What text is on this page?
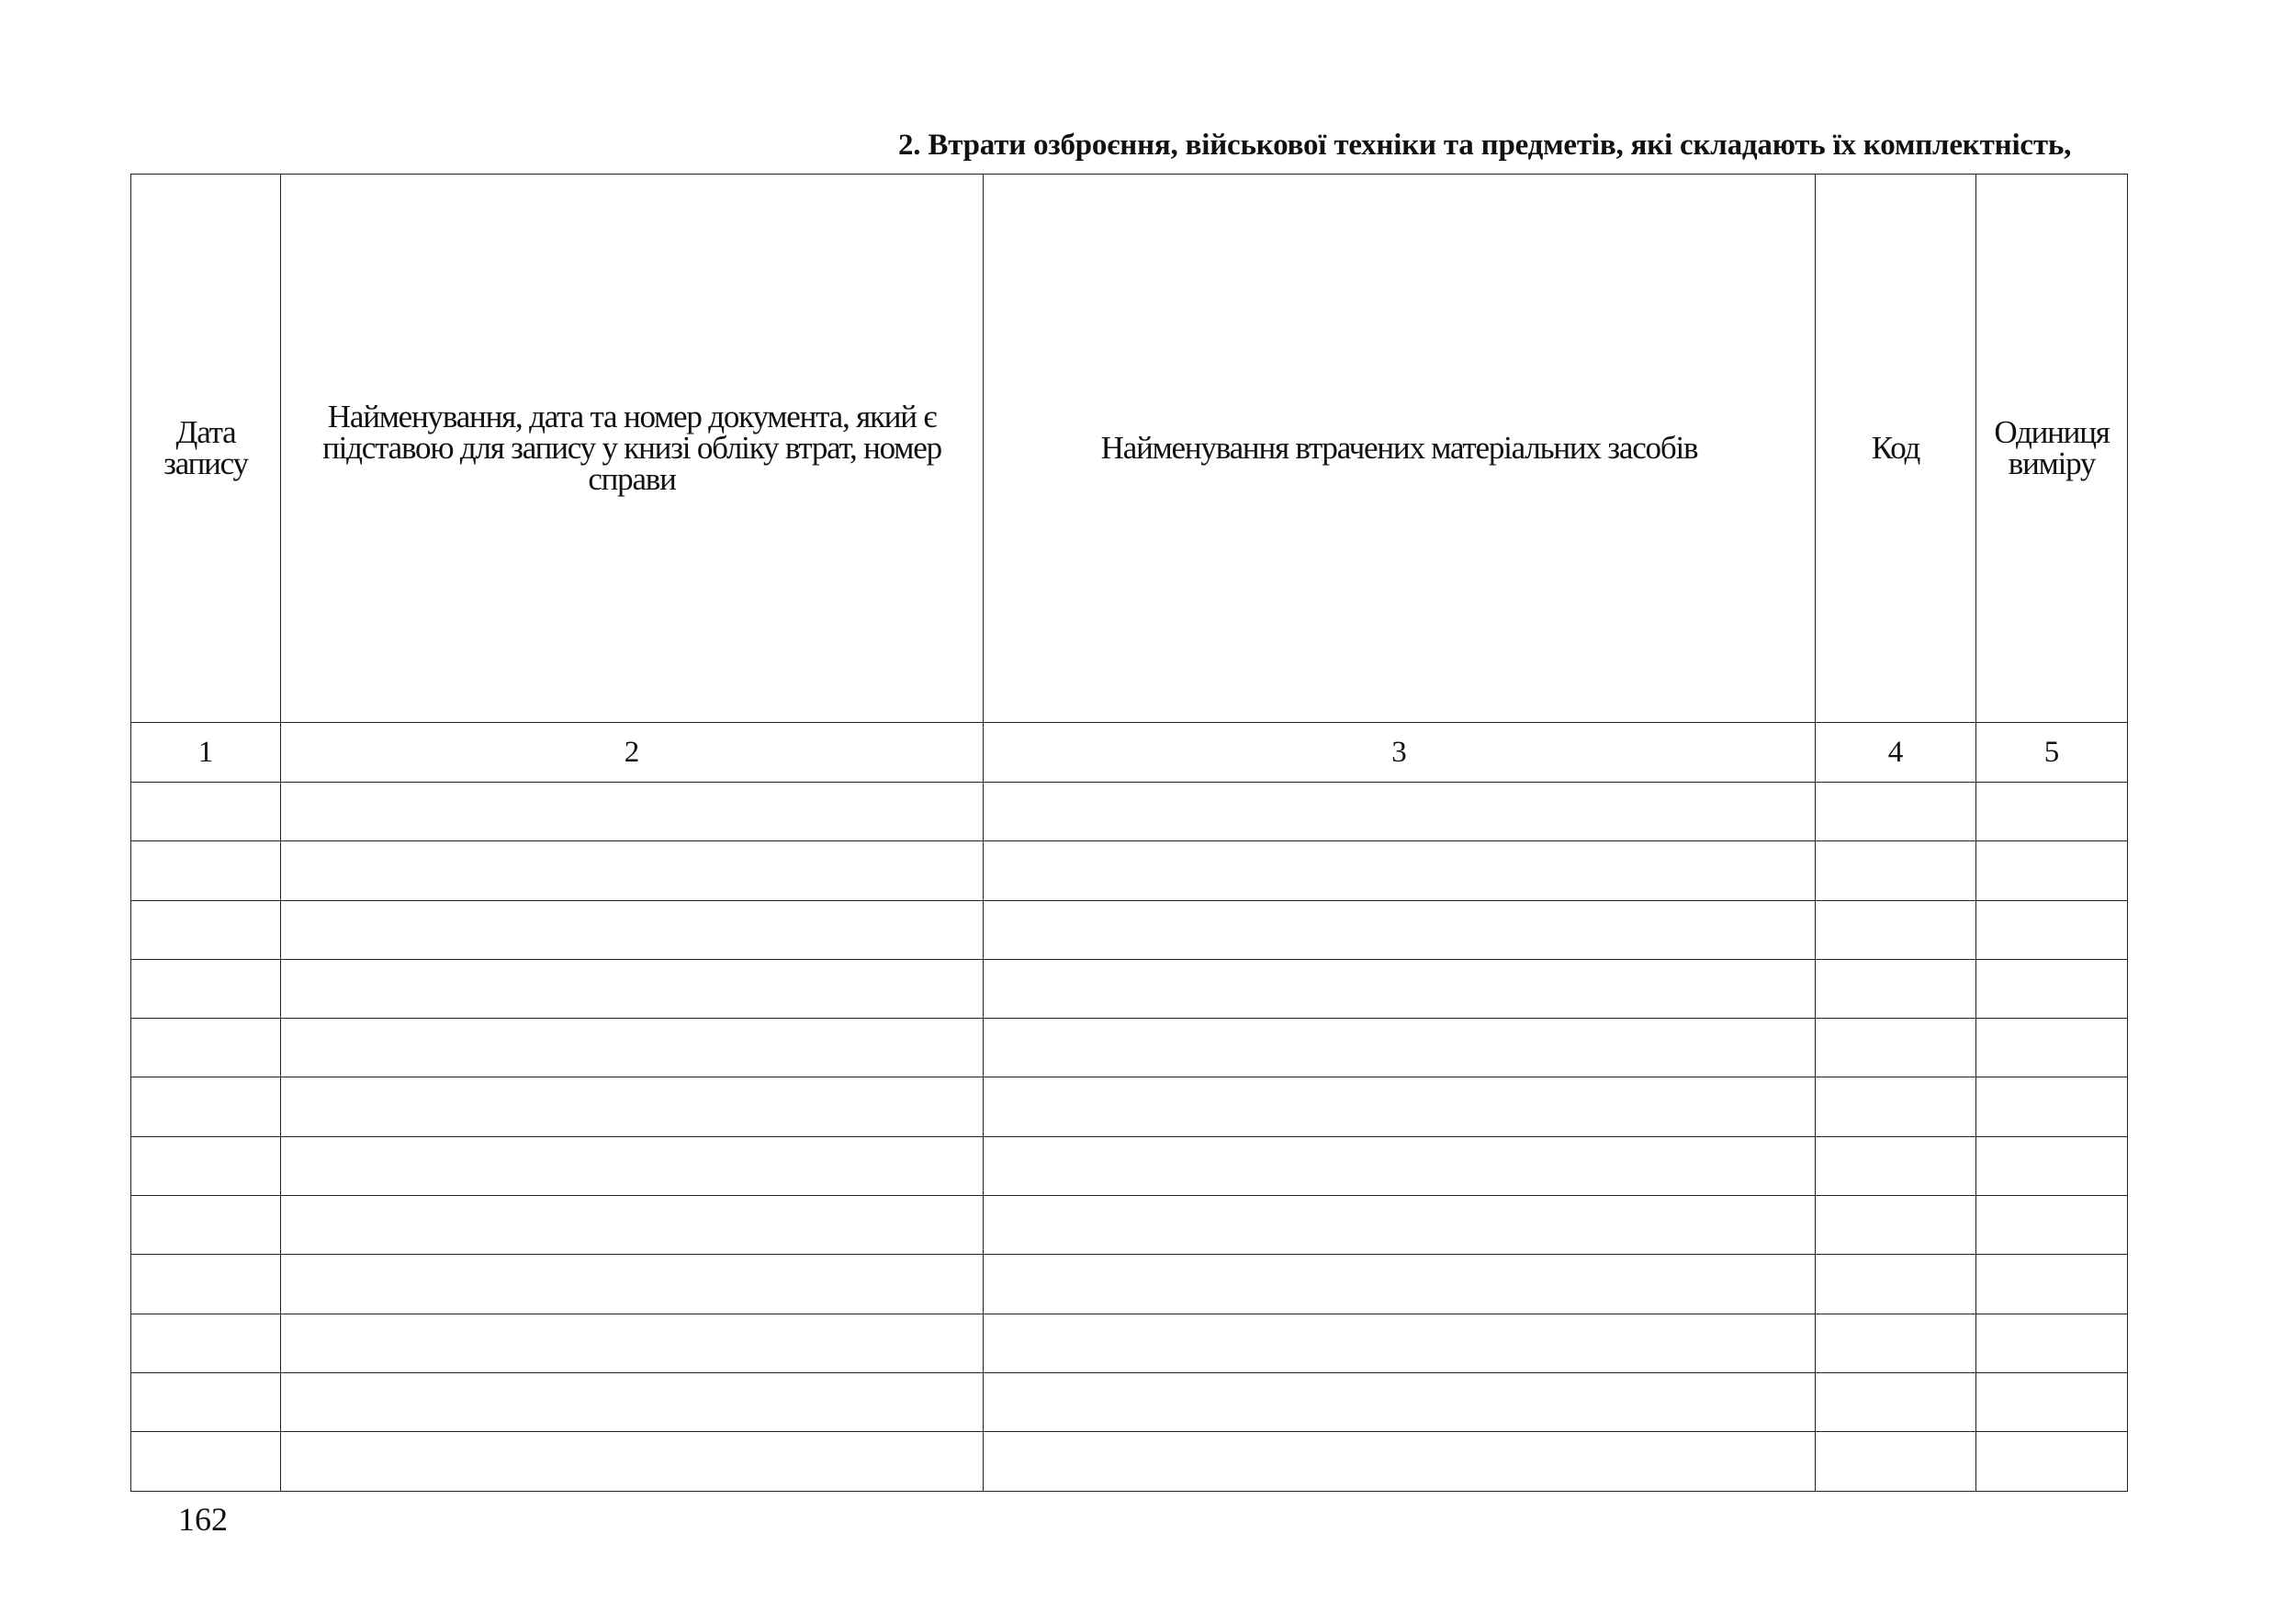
2. Втрати озброєння, військової техніки та предметів, які складають їх комплектність,
Дата запису	Найменування, дата та номер документа, який є підставою для запису у книзі обліку втрат, номер справи	Найменування втрачених матеріальних засобів	Код	Одиниця виміру
1	2	3	4	5

162
